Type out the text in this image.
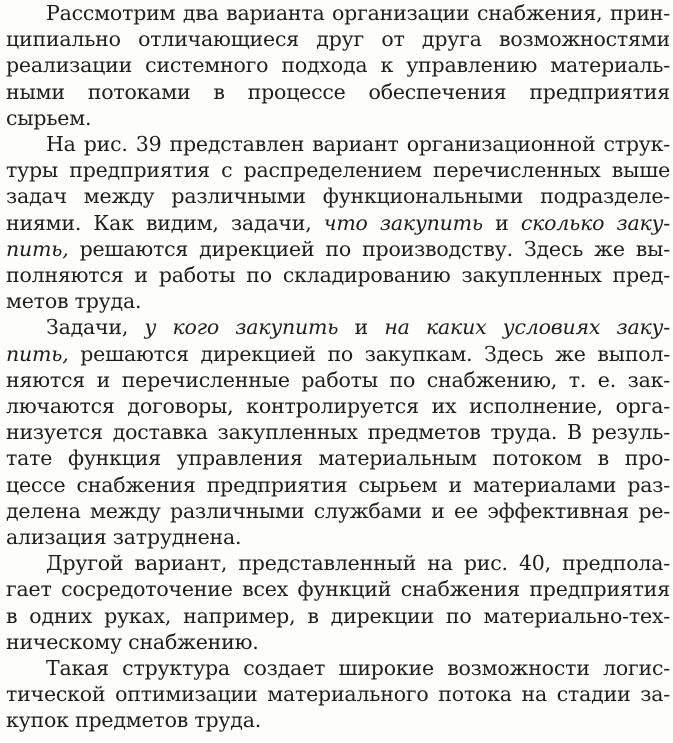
Рассмотрим два варианта организации снабжения, прин-
ципиально отличающиеся друг от друга возможностями
реализации системного подхода к управлению материаль-
ными потоками в процессе обеспечения предприятия
сырьем.
На рис. 39 представлен вариант организационной струк-
туры предприятия с распределением перечисленных выше
задач между различными функциональными подразделе-
ниями. Как видим, задачи, что закупить и сколько заку-
пить, решаются дирекцией по производству. Здесь же вы-
полняются и работы по складированию закупленных пред-
метов труда.
Задачи, у кого закупить и на каких условиях заку-
пить, решаются дирекцией по закупкам. Здесь же выпол-
няются и перечисленные работы по снабжению, т. е. зак-
лючаются договоры, контролируется их исполнение, орга-
низуется доставка закупленных предметов труда. В резуль-
тате функция управления материальным потоком в про-
цессе снабжения предприятия сырьем и материалами раз-
делена между различными службами и ее эффективная ре-
ализация затруднена.
Другой вариант, представленный на рис. 40, предпола-
гает сосредоточение всех функций снабжения предприятия
в одних руках, например, в дирекции по материально-тех-
ническому снабжению.
Такая структура создает широкие возможности логис-
тической оптимизации материального потока на стадии за-
купок предметов труда.
